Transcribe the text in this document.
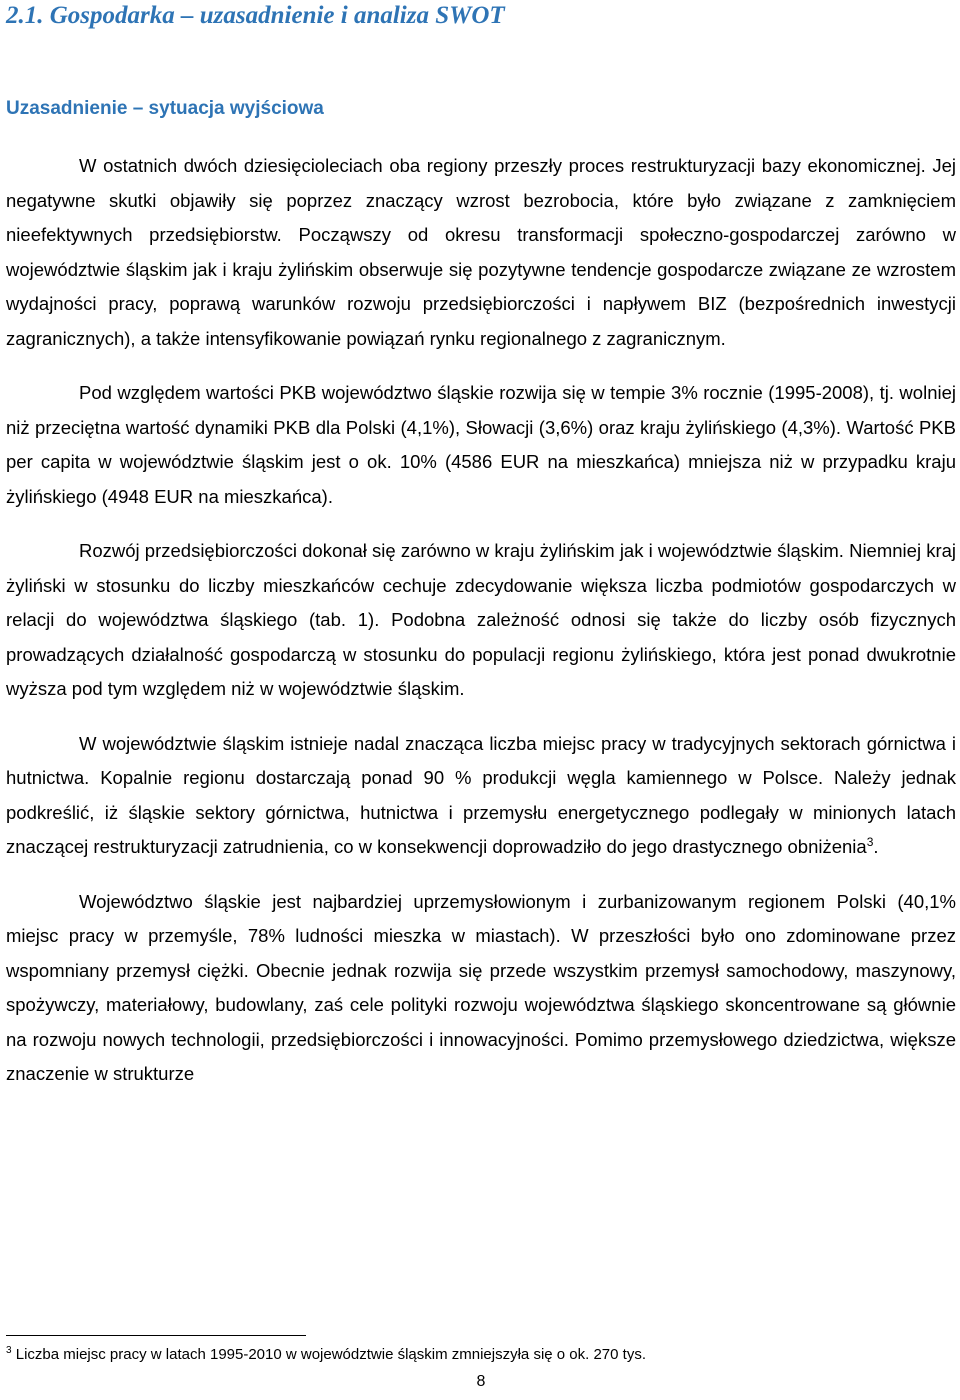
2.1. Gospodarka – uzasadnienie i analiza SWOT
Uzasadnienie – sytuacja wyjściowa

W ostatnich dwóch dziesięcioleciach oba regiony przeszły proces restrukturyzacji bazy ekonomicznej. Jej negatywne skutki objawiły się poprzez znaczący wzrost bezrobocia, które było związane z zamknięciem nieefektywnych przedsiębiorstw. Począwszy od okresu transformacji społeczno-gospodarczej zarówno w województwie śląskim jak i kraju żylińskim obserwuje się pozytywne tendencje gospodarcze związane ze wzrostem wydajności pracy, poprawą warunków rozwoju przedsiębiorczości i napływem BIZ (bezpośrednich inwestycji zagranicznych), a także intensyfikowanie powiązań rynku regionalnego z zagranicznym.

Pod względem wartości PKB województwo śląskie rozwija się w tempie 3% rocznie (1995-2008), tj. wolniej niż przeciętna wartość dynamiki PKB dla Polski (4,1%), Słowacji (3,6%) oraz kraju żylińskiego (4,3%). Wartość PKB per capita w województwie śląskim jest o ok. 10% (4586 EUR na mieszkańca) mniejsza niż w przypadku kraju żylińskiego (4948 EUR na mieszkańca).

Rozwój przedsiębiorczości dokonał się zarówno w kraju żylińskim jak i województwie śląskim. Niemniej kraj żyliński w stosunku do liczby mieszkańców cechuje zdecydowanie większa liczba podmiotów gospodarczych w relacji do województwa śląskiego (tab. 1). Podobna zależność odnosi się także do liczby osób fizycznych prowadzących działalność gospodarczą w stosunku do populacji regionu żylińskiego, która jest ponad dwukrotnie wyższa pod tym względem niż w województwie śląskim.

W województwie śląskim istnieje nadal znacząca liczba miejsc pracy w tradycyjnych sektorach górnictwa i hutnictwa. Kopalnie regionu dostarczają ponad 90 % produkcji węgla kamiennego w Polsce. Należy jednak podkreślić, iż śląskie sektory górnictwa, hutnictwa i przemysłu energetycznego podlegały w minionych latach znaczącej restrukturyzacji zatrudnienia, co w konsekwencji doprowadziło do jego drastycznego obniżenia$^3$.

Województwo śląskie jest najbardziej uprzemysłowionym i zurbanizowanym regionem Polski (40,1% miejsc pracy w przemyśle, 78% ludności mieszka w miastach). W przeszłości było ono zdominowane przez wspomniany przemysł ciężki. Obecnie jednak rozwija się przede wszystkim przemysł samochodowy, maszynowy, spożywczy, materiałowy, budowlany, zaś cele polityki rozwoju województwa śląskiego skoncentrowane są głównie na rozwoju nowych technologii, przedsiębiorczości i innowacyjności. Pomimo przemysłowego dziedzictwa, większe znaczenie w strukturze

$^3$ Liczba miejsc pracy w latach 1995-2010 w województwie śląskim zmniejszyła się o ok. 270 tys.

8
